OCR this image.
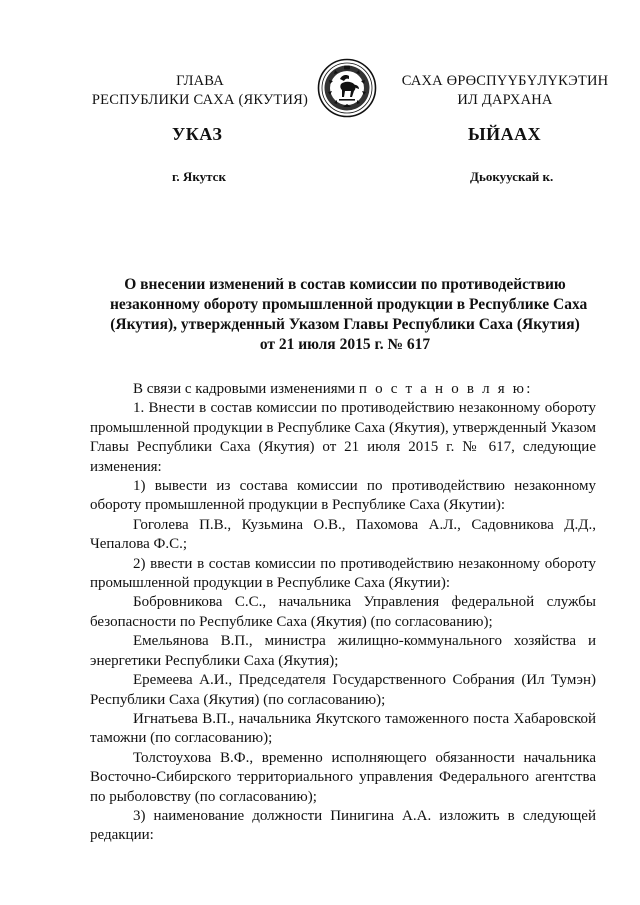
ГЛАВА
РЕСПУБЛИКИ САХА (ЯКУТИЯ)
САХА ӨРӨСПҮҮБҮЛҮКЭТИН
ИЛ ДАРХАНА
УКАЗ	ЫЙААХ
г. Якутск	Дьокуускай к.
О внесении изменений в состав комиссии по противодействию
незаконному обороту промышленной продукции в Республике Саха
(Якутия), утвержденный Указом Главы Республики Саха (Якутия)
от 21 июля 2015 г. № 617

В связи с кадровыми изменениями п о с т а н о в л я ю:

1. Внести в состав комиссии по противодействию незаконному обороту промышленной продукции в Республике Саха (Якутия), утвержденный Указом Главы Республики Саха (Якутия) от 21 июля 2015 г. № 617, следующие изменения:

1) вывести из состава комиссии по противодействию незаконному обороту промышленной продукции в Республике Саха (Якутии):

Гоголева П.В., Кузьмина О.В., Пахомова А.Л., Садовникова Д.Д., Чепалова Ф.С.;

2) ввести в состав комиссии по противодействию незаконному обороту промышленной продукции в Республике Саха (Якутии):

Бобровникова С.С., начальника Управления федеральной службы безопасности по Республике Саха (Якутия) (по согласованию);

Емельянова В.П., министра жилищно-коммунального хозяйства и энергетики Республики Саха (Якутия);

Еремеева А.И., Председателя Государственного Собрания (Ил Тумэн) Республики Саха (Якутия) (по согласованию);

Игнатьева В.П., начальника Якутского таможенного поста Хабаровской таможни (по согласованию);

Толстоухова В.Ф., временно исполняющего обязанности начальника Восточно-Сибирского территориального управления Федерального агентства по рыболовству (по согласованию);

3) наименование должности Пинигина А.А. изложить в следующей редакции:
